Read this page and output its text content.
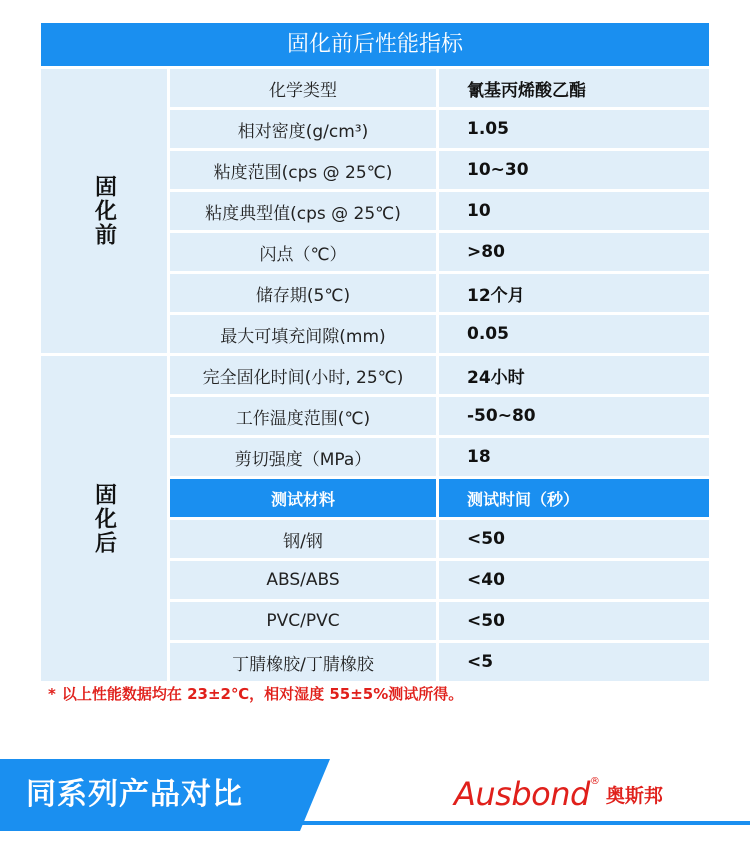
固化前后性能指标
固化前
化学类型	氰基丙烯酸乙酯
相对密度(g/cm³)	1.05
粘度范围(cps @ 25℃)	10~30
粘度典型值(cps @ 25℃)	10
闪点（℃）	>80
储存期(5℃)	12个月
最大可填充间隙(mm)	0.05
固化后
完全固化时间(小时, 25℃)	24小时
工作温度范围(℃)	-50~80
剪切强度（MPa）	18
测试材料	测试时间（秒）
钢/钢	<50
ABS/ABS	<40
PVC/PVC	<50
丁腈橡胶/丁腈橡胶	<5
* 以上性能数据均在 23±2℃，相对湿度 55±5%测试所得。
同系列产品对比	Ausbond ®
奥斯邦
